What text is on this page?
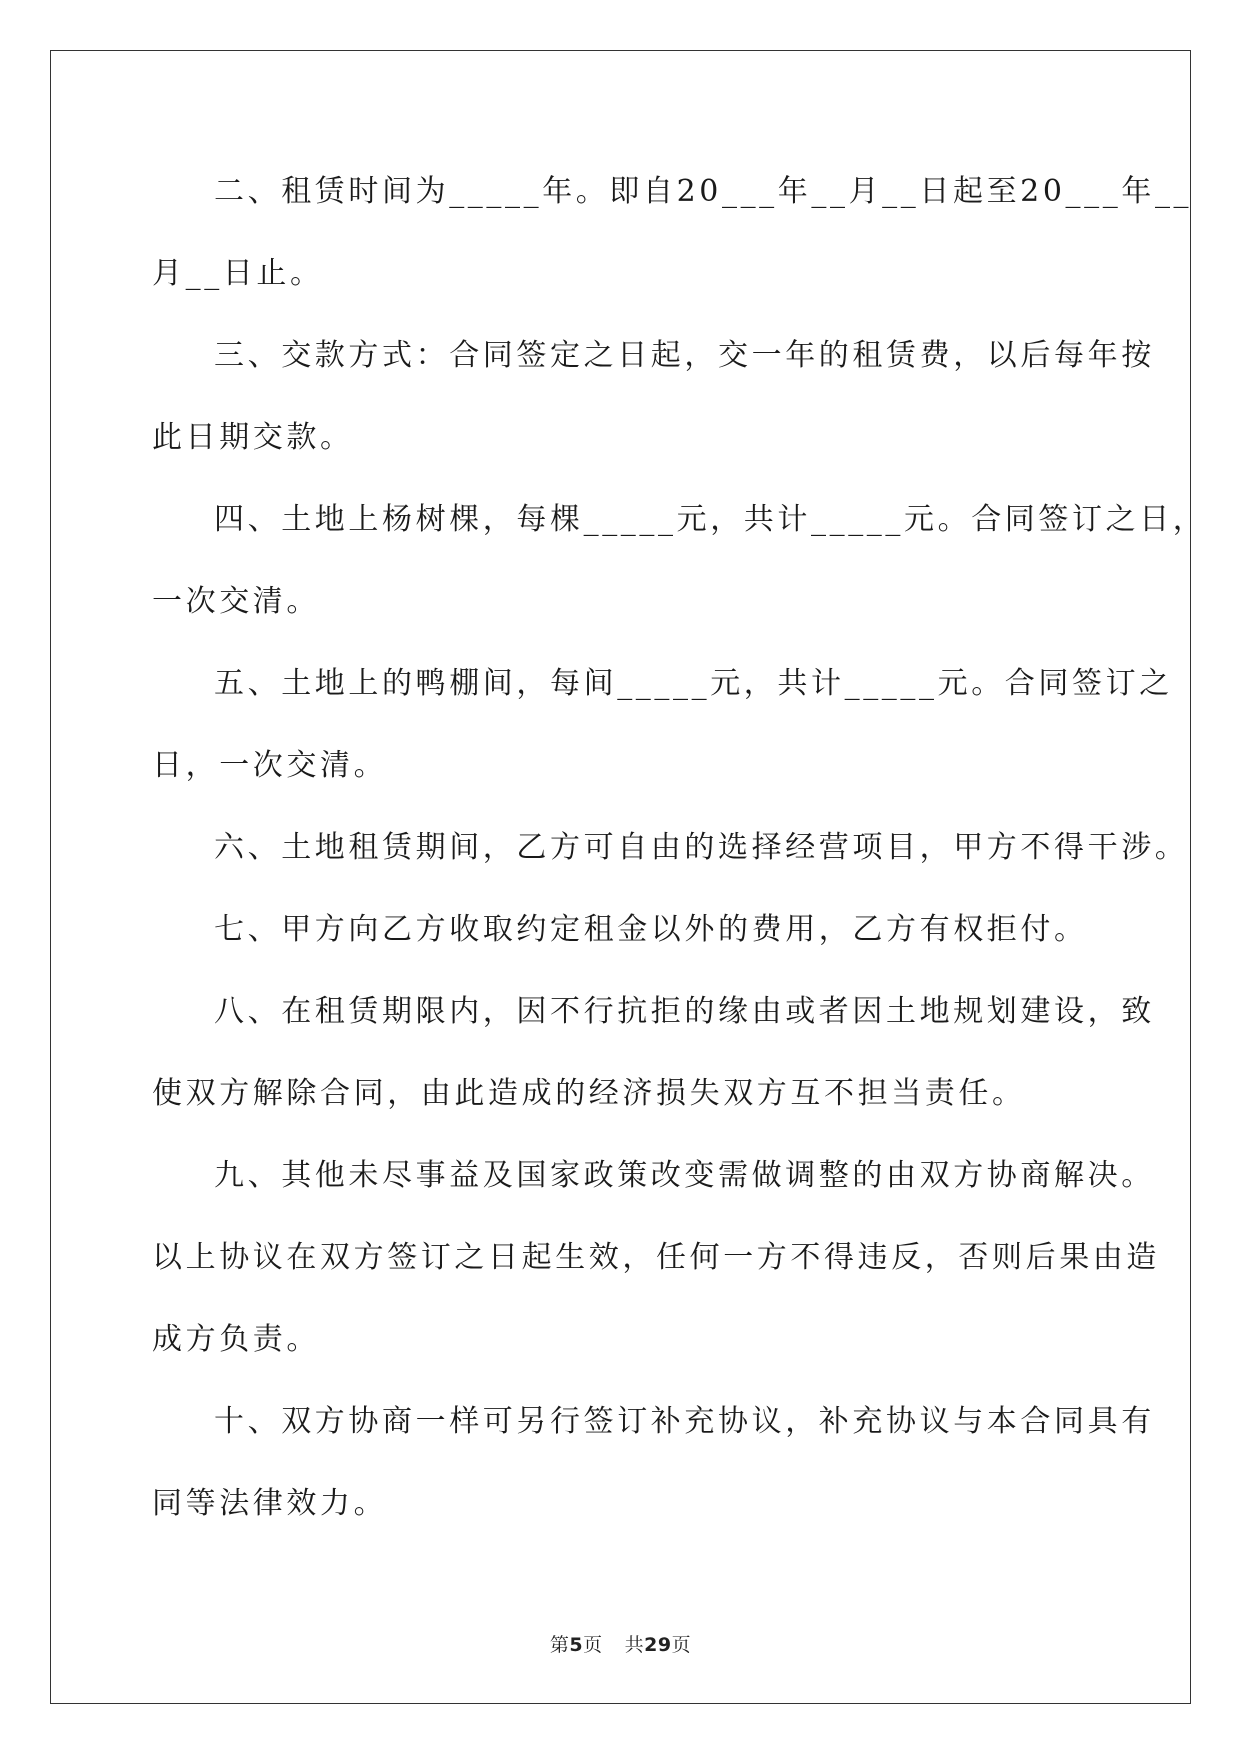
二、租赁时间为_____年。即自20___年__月__日起至20___年__
月__日止。
三、交款方式：合同签定之日起，交一年的租赁费，以后每年按
此日期交款。
四、土地上杨树棵，每棵_____元，共计_____元。合同签订之日，
一次交清。
五、土地上的鸭棚间，每间_____元，共计_____元。合同签订之
日，一次交清。
六、土地租赁期间，乙方可自由的选择经营项目，甲方不得干涉。
七、甲方向乙方收取约定租金以外的费用，乙方有权拒付。
八、在租赁期限内，因不行抗拒的缘由或者因土地规划建设，致
使双方解除合同，由此造成的经济损失双方互不担当责任。
九、其他未尽事益及国家政策改变需做调整的由双方协商解决。
以上协议在双方签订之日起生效，任何一方不得违反，否则后果由造
成方负责。
十、双方协商一样可另行签订补充协议，补充协议与本合同具有
同等法律效力。
第5页 共29页
